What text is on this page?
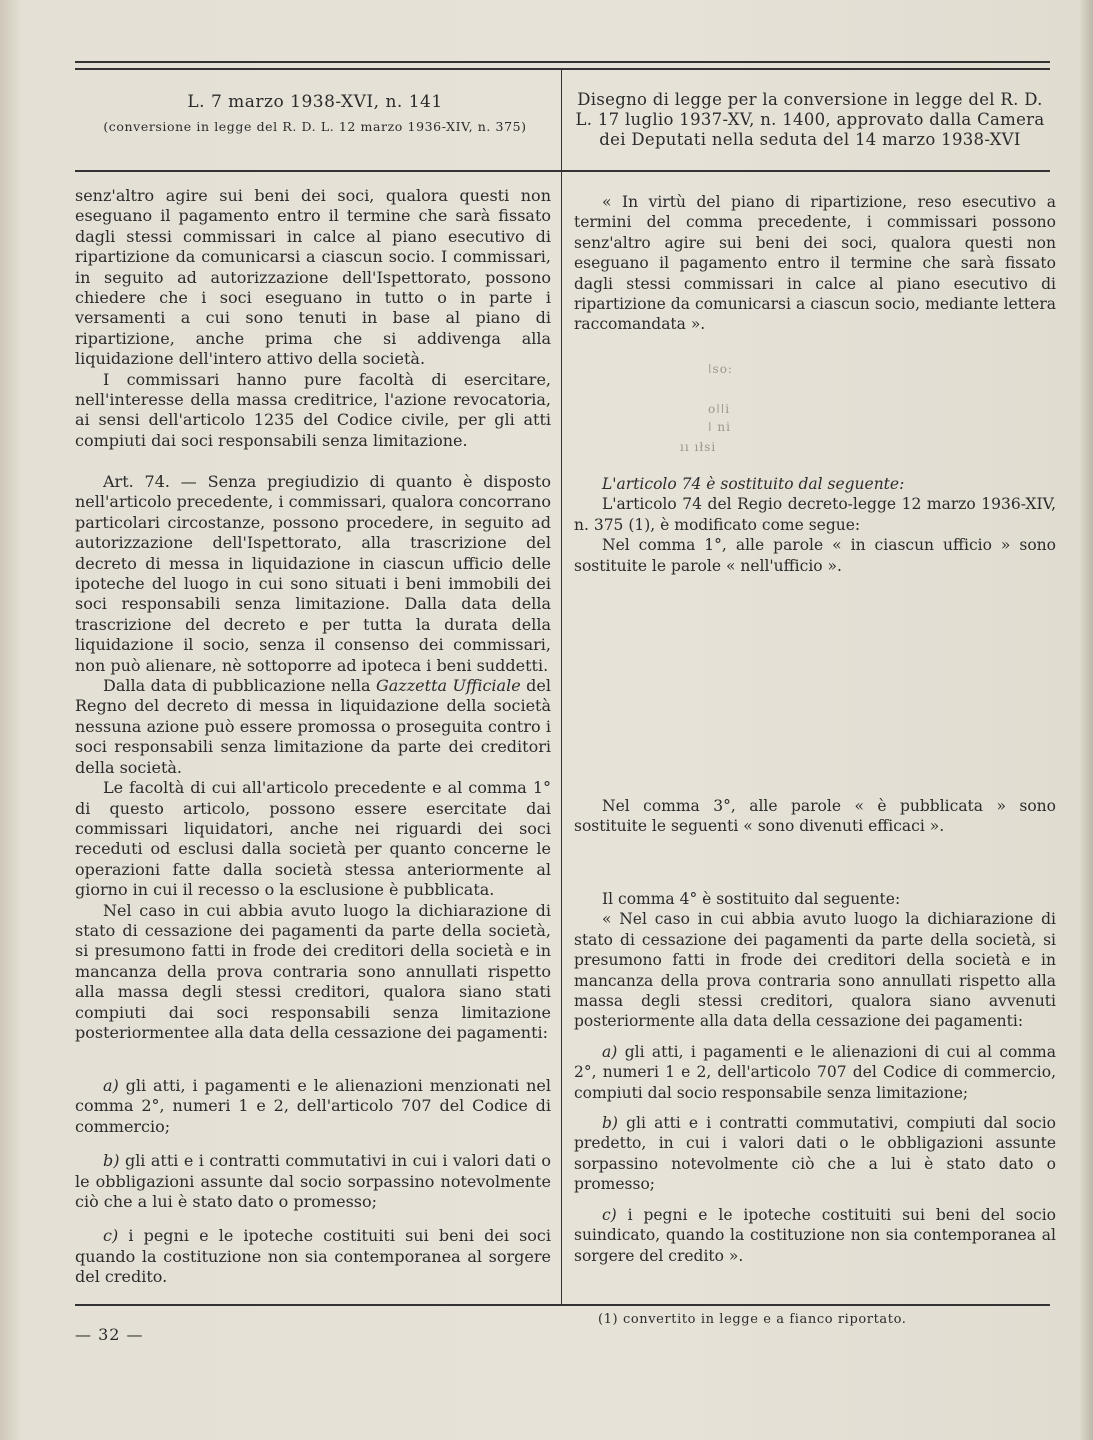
L. 7 marzo 1938-XVI, n. 141
(conversione in legge del R. D. L. 12 marzo 1936-XIV, n. 375)
Disegno di legge per la conversione in legge del R. D. L. 17 luglio 1937-XV, n. 1400, approvato dalla Camera dei Deputati nella seduta del 14 marzo 1938-XVI

senz'altro agire sui beni dei soci, qualora questi non eseguano il pagamento entro il termine che sarà fissato dagli stessi commissari in calce al piano esecutivo di ripartizione da comunicarsi a ciascun socio. I commissari, in seguito ad autorizzazione dell'Ispettorato, possono chiedere che i soci eseguano in tutto o in parte i versamenti a cui sono tenuti in base al piano di ripartizione, anche prima che si addivenga alla liquidazione dell'intero attivo della società.

I commissari hanno pure facoltà di esercitare, nell'interesse della massa creditrice, l'azione revocatoria, ai sensi dell'articolo 1235 del Codice civile, per gli atti compiuti dai soci responsabili senza limitazione.

Art. 74. — Senza pregiudizio di quanto è disposto nell'articolo precedente, i commissari, qualora concorrano particolari circostanze, possono procedere, in seguito ad autorizzazione dell'Ispettorato, alla trascrizione del decreto di messa in liquidazione in ciascun ufficio delle ipoteche del luogo in cui sono situati i beni immobili dei soci responsabili senza limitazione. Dalla data della trascrizione del decreto e per tutta la durata della liquidazione il socio, senza il consenso dei commissari, non può alienare, nè sottoporre ad ipoteca i beni suddetti.

Dalla data di pubblicazione nella Gazzetta Ufficiale del Regno del decreto di messa in liquidazione della società nessuna azione può essere promossa o proseguita contro i soci responsabili senza limitazione da parte dei creditori della società.

Le facoltà di cui all'articolo precedente e al comma 1° di questo articolo, possono essere esercitate dai commissari liquidatori, anche nei riguardi dei soci receduti od esclusi dalla società per quanto concerne le operazioni fatte dalla società stessa anteriormente al giorno in cui il recesso o la esclusione è pubblicata.

Nel caso in cui abbia avuto luogo la dichiarazione di stato di cessazione dei pagamenti da parte della società, si presumono fatti in frode dei creditori della società e in mancanza della prova contraria sono annullati rispetto alla massa degli stessi creditori, qualora siano stati compiuti dai soci responsabili senza limitazione posteriormentee alla data della cessazione dei pagamenti:

a) gli atti, i pagamenti e le alienazioni menzionati nel comma 2°, numeri 1 e 2, dell'articolo 707 del Codice di commercio;

b) gli atti e i contratti commutativi in cui i valori dati o le obbligazioni assunte dal socio sorpassino notevolmente ciò che a lui è stato dato o promesso;

c) i pegni e le ipoteche costituiti sui beni dei soci quando la costituzione non sia contemporanea al sorgere del credito.

« In virtù del piano di ripartizione, reso esecutivo a termini del comma precedente, i commissari possono senz'altro agire sui beni dei soci, qualora questi non eseguano il pagamento entro il termine che sarà fissato dagli stessi commissari in calce al piano esecutivo di ripartizione da comunicarsi a ciascun socio, mediante lettera raccomandata ».

ǀso:
oǀǀi
ǀ ni
ıı ıłsi

L'articolo 74 è sostituito dal seguente:

L'articolo 74 del Regio decreto-legge 12 marzo 1936-XIV, n. 375 (1), è modificato come segue:

Nel comma 1°, alle parole « in ciascun ufficio » sono sostituite le parole « nell'ufficio ».

Nel comma 3°, alle parole « è pubblicata » sono sostituite le seguenti « sono divenuti efficaci ».

Il comma 4° è sostituito dal seguente:

« Nel caso in cui abbia avuto luogo la dichiarazione di stato di cessazione dei pagamenti da parte della società, si presumono fatti in frode dei creditori della società e in mancanza della prova contraria sono annullati rispetto alla massa degli stessi creditori, qualora siano avvenuti posteriormente alla data della cessazione dei pagamenti:

a) gli atti, i pagamenti e le alienazioni di cui al comma 2°, numeri 1 e 2, dell'articolo 707 del Codice di commercio, compiuti dal socio responsabile senza limitazione;

b) gli atti e i contratti commutativi, compiuti dal socio predetto, in cui i valori dati o le obbligazioni assunte sorpassino notevolmente ciò che a lui è stato dato o promesso;

c) i pegni e le ipoteche costituiti sui beni del socio suindicato, quando la costituzione non sia contemporanea al sorgere del credito ».

(1) convertito in legge e a fianco riportato.
— 32 —
